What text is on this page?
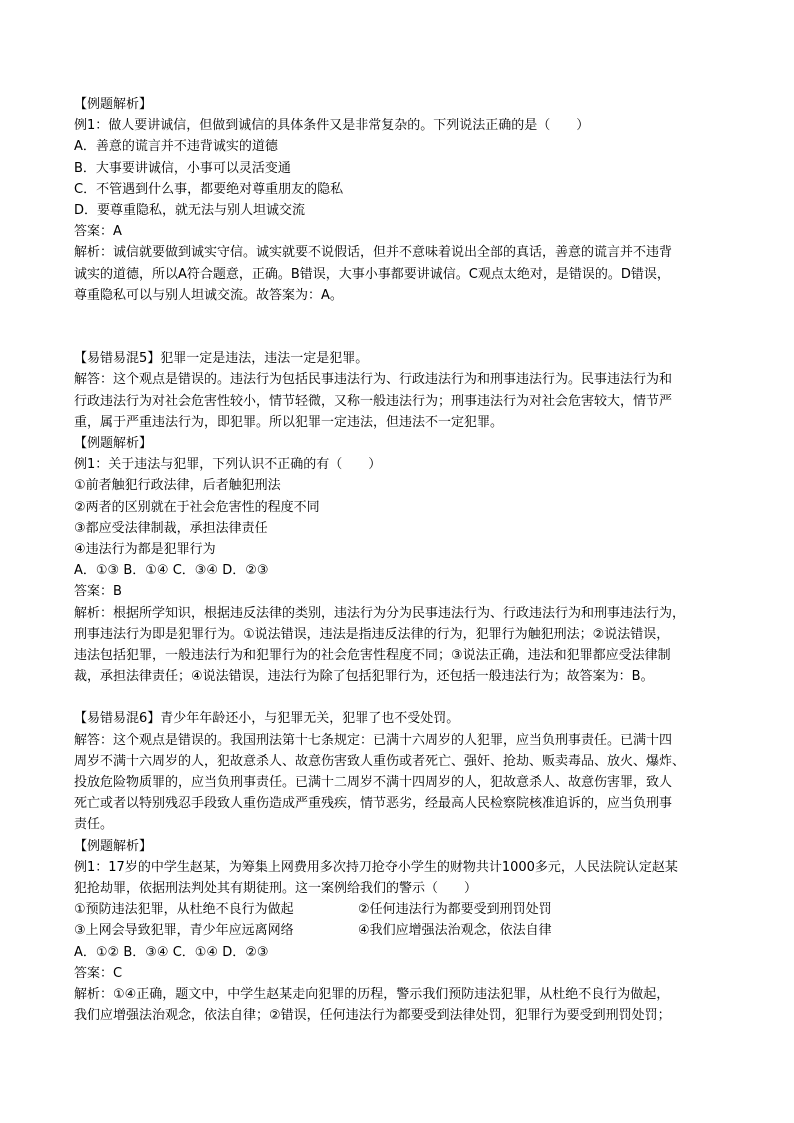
【例题解析】
例1：做人要讲诚信，但做到诚信的具体条件又是非常复杂的。下列说法正确的是（　　）
A．善意的谎言并不违背诚实的道德
B．大事要讲诚信，小事可以灵活变通
C．不管遇到什么事，都要绝对尊重朋友的隐私
D．要尊重隐私，就无法与别人坦诚交流
答案：A
解析：诚信就要做到诚实守信。诚实就要不说假话，但并不意味着说出全部的真话，善意的谎言并不违背
诚实的道德，所以A符合题意，正确。B错误，大事小事都要讲诚信。C观点太绝对，是错误的。D错误，
尊重隐私可以与别人坦诚交流。故答案为：A。
【易错易混5】犯罪一定是违法，违法一定是犯罪。
解答：这个观点是错误的。违法行为包括民事违法行为、行政违法行为和刑事违法行为。民事违法行为和
行政违法行为对社会危害性较小，情节轻微，又称一般违法行为；刑事违法行为对社会危害较大，情节严
重，属于严重违法行为，即犯罪。所以犯罪一定违法，但违法不一定犯罪。
【例题解析】
例1：关于违法与犯罪，下列认识不正确的有（　　）
①前者触犯行政法律，后者触犯刑法
②两者的区别就在于社会危害性的程度不同
③都应受法律制裁，承担法律责任
④违法行为都是犯罪行为
A．①③ B．①④ C．③④ D．②③
答案：B
解析：根据所学知识，根据违反法律的类别，违法行为分为民事违法行为、行政违法行为和刑事违法行为，
刑事违法行为即是犯罪行为。①说法错误，违法是指违反法律的行为，犯罪行为触犯刑法；②说法错误，
违法包括犯罪，一般违法行为和犯罪行为的社会危害性程度不同；③说法正确，违法和犯罪都应受法律制
裁，承担法律责任；④说法错误，违法行为除了包括犯罪行为，还包括一般违法行为；故答案为：B。
【易错易混6】青少年年龄还小，与犯罪无关，犯罪了也不受处罚。
解答：这个观点是错误的。我国刑法第十七条规定：已满十六周岁的人犯罪，应当负刑事责任。已满十四
周岁不满十六周岁的人，犯故意杀人、故意伤害致人重伤或者死亡、强奸、抢劫、贩卖毒品、放火、爆炸、
投放危险物质罪的，应当负刑事责任。已满十二周岁不满十四周岁的人，犯故意杀人、故意伤害罪，致人
死亡或者以特别残忍手段致人重伤造成严重残疾，情节恶劣，经最高人民检察院核准追诉的，应当负刑事
责任。
【例题解析】
例1：17岁的中学生赵某，为筹集上网费用多次持刀抢夺小学生的财物共计1000多元，人民法院认定赵某
犯抢劫罪，依据刑法判处其有期徒刑。这一案例给我们的警示（　　）
①预防违法犯罪，从杜绝不良行为做起	②任何违法行为都要受到刑罚处罚
③上网会导致犯罪，青少年应远离网络	④我们应增强法治观念，依法自律
A．①② B．③④ C．①④ D．②③
答案：C
解析：①④正确，题文中，中学生赵某走向犯罪的历程，警示我们预防违法犯罪，从杜绝不良行为做起，
我们应增强法治观念，依法自律；②错误，任何违法行为都要受到法律处罚，犯罪行为要受到刑罚处罚；
